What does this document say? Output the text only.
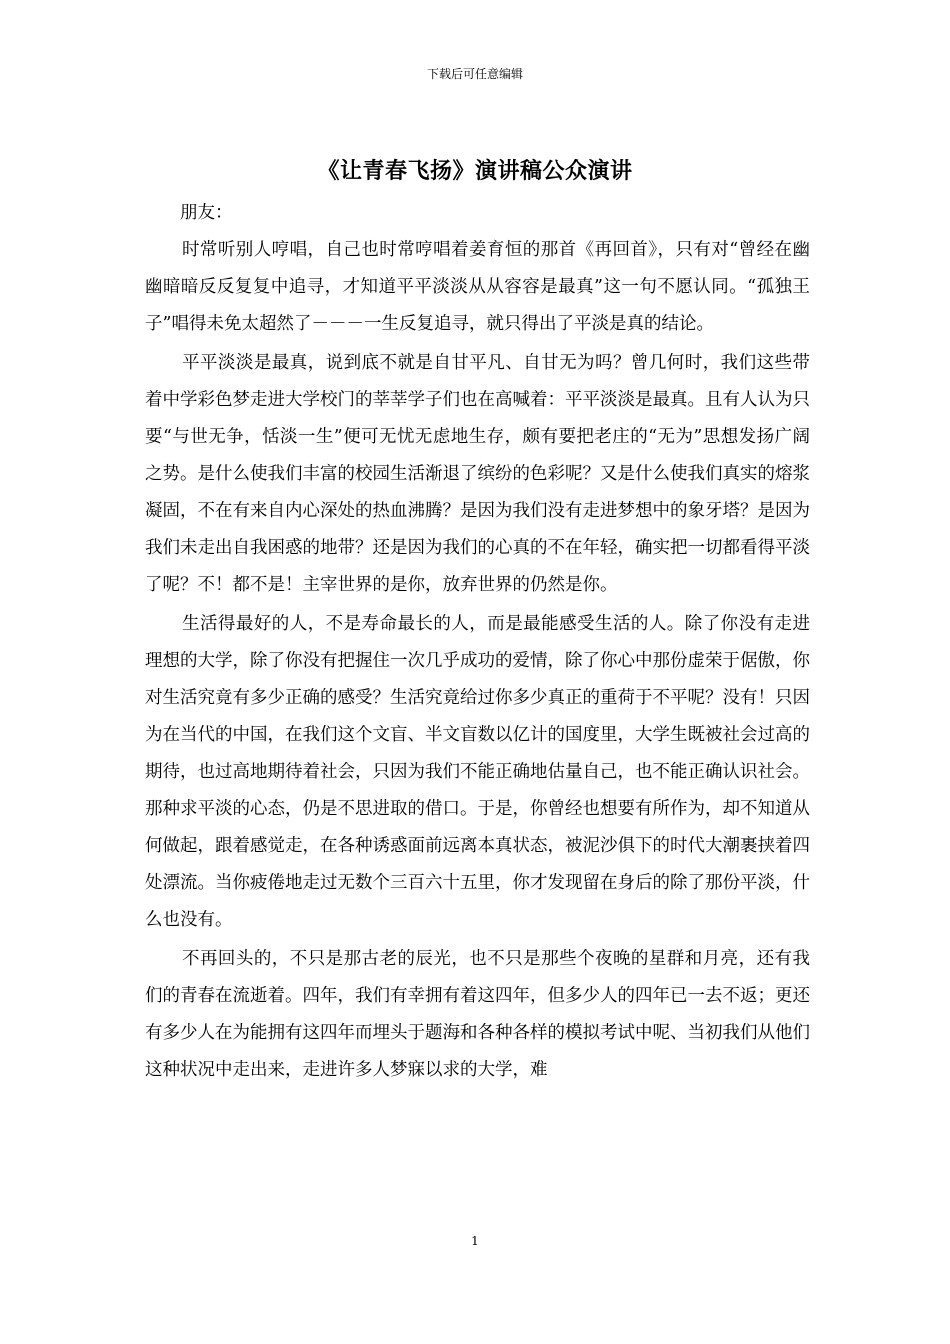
下载后可任意编辑
《让青春飞扬》演讲稿公众演讲

朋友：

时常听别人哼唱，自己也时常哼唱着姜育恒的那首《再回首》，只有对“曾经在幽幽暗暗反反复复中追寻，才知道平平淡淡从从容容是最真”这一句不愿认同。“孤独王子”唱得未免太超然了－－－一生反复追寻，就只得出了平淡是真的结论。

平平淡淡是最真，说到底不就是自甘平凡、自甘无为吗？曾几何时，我们这些带着中学彩色梦走进大学校门的莘莘学子们也在高喊着：平平淡淡是最真。且有人认为只要“与世无争，恬淡一生”便可无忧无虑地生存，颇有要把老庄的“无为”思想发扬广阔之势。是什么使我们丰富的校园生活渐退了缤纷的色彩呢？又是什么使我们真实的熔浆凝固，不在有来自内心深处的热血沸腾？是因为我们没有走进梦想中的象牙塔？是因为我们未走出自我困惑的地带？还是因为我们的心真的不在年轻，确实把一切都看得平淡了呢？不！都不是！主宰世界的是你，放弃世界的仍然是你。

生活得最好的人，不是寿命最长的人，而是最能感受生活的人。除了你没有走进理想的大学，除了你没有把握住一次几乎成功的爱情，除了你心中那份虚荣于倨傲，你对生活究竟有多少正确的感受？生活究竟给过你多少真正的重荷于不平呢？没有！只因为在当代的中国，在我们这个文盲、半文盲数以亿计的国度里，大学生既被社会过高的期待，也过高地期待着社会，只因为我们不能正确地估量自己，也不能正确认识社会。那种求平淡的心态，仍是不思进取的借口。于是，你曾经也想要有所作为，却不知道从何做起，跟着感觉走，在各种诱惑面前远离本真状态，被泥沙俱下的时代大潮裹挟着四处漂流。当你疲倦地走过无数个三百六十五里，你才发现留在身后的除了那份平淡，什么也没有。

不再回头的，不只是那古老的辰光，也不只是那些个夜晚的星群和月亮，还有我们的青春在流逝着。四年，我们有幸拥有着这四年，但多少人的四年已一去不返；更还有多少人在为能拥有这四年而埋头于题海和各种各样的模拟考试中呢、当初我们从他们这种状况中走出来，走进许多人梦寐以求的大学，难

1
